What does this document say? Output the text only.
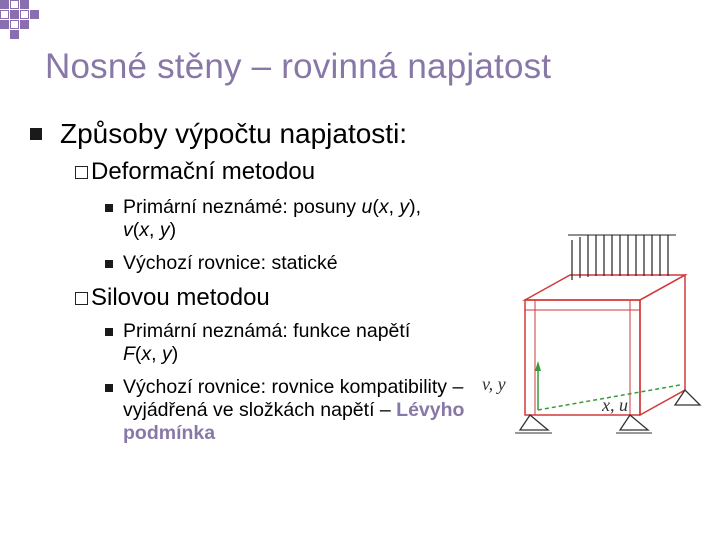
Nosné stěny – rovinná napjatost
Způsoby výpočtu napjatosti:
Deformační metodou
Primární neznámé: posuny u(x, y),
v(x, y)
Výchozí rovnice: statické
Silovou metodou
Primární neznámá: funkce napětí
F(x, y)
Výchozí rovnice: rovnice kompatibility – vyjádřená ve složkách napětí – Lévyho podmínka
v, y
x, u
